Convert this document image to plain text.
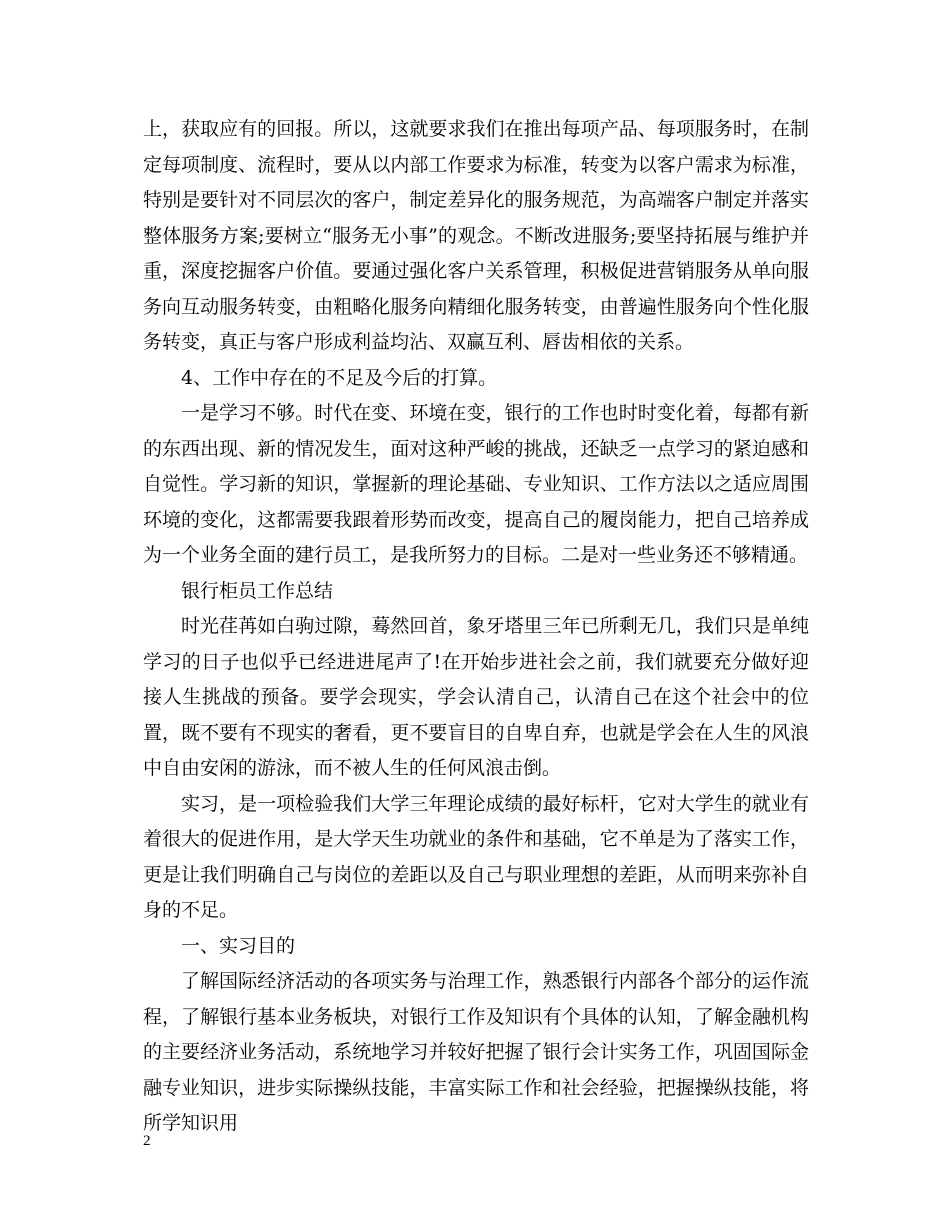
上，获取应有的回报。所以，这就要求我们在推出每项产品、每项服务时，在制定每项制度、流程时，要从以内部工作要求为标准，转变为以客户需求为标准，特别是要针对不同层次的客户，制定差异化的服务规范，为高端客户制定并落实整体服务方案;要树立“服务无小事”的观念。不断改进服务;要坚持拓展与维护并重，深度挖掘客户价值。要通过强化客户关系管理，积极促进营销服务从单向服务向互动服务转变，由粗略化服务向精细化服务转变，由普遍性服务向个性化服务转变，真正与客户形成利益均沾、双赢互利、唇齿相依的关系。

4、工作中存在的不足及今后的打算。

一是学习不够。时代在变、环境在变，银行的工作也时时变化着，每都有新的东西出现、新的情况发生，面对这种严峻的挑战，还缺乏一点学习的紧迫感和自觉性。学习新的知识，掌握新的理论基础、专业知识、工作方法以之适应周围环境的变化，这都需要我跟着形势而改变，提高自己的履岗能力，把自己培养成为一个业务全面的建行员工，是我所努力的目标。二是对一些业务还不够精通。

银行柜员工作总结

时光荏苒如白驹过隙，蓦然回首，象牙塔里三年已所剩无几，我们只是单纯学习的日子也似乎已经进进尾声了!在开始步进社会之前，我们就要充分做好迎接人生挑战的预备。要学会现实，学会认清自己，认清自己在这个社会中的位置，既不要有不现实的奢看，更不要盲目的自卑自弃，也就是学会在人生的风浪中自由安闲的游泳，而不被人生的任何风浪击倒。

实习，是一项检验我们大学三年理论成绩的最好标杆，它对大学生的就业有着很大的促进作用，是大学天生功就业的条件和基础，它不单是为了落实工作，更是让我们明确自己与岗位的差距以及自己与职业理想的差距，从而明来弥补自身的不足。

一、实习目的

了解国际经济活动的各项实务与治理工作，熟悉银行内部各个部分的运作流程，了解银行基本业务板块，对银行工作及知识有个具体的认知，了解金融机构的主要经济业务活动，系统地学习并较好把握了银行会计实务工作，巩固国际金融专业知识，进步实际操纵技能，丰富实际工作和社会经验，把握操纵技能，将所学知识用

2
